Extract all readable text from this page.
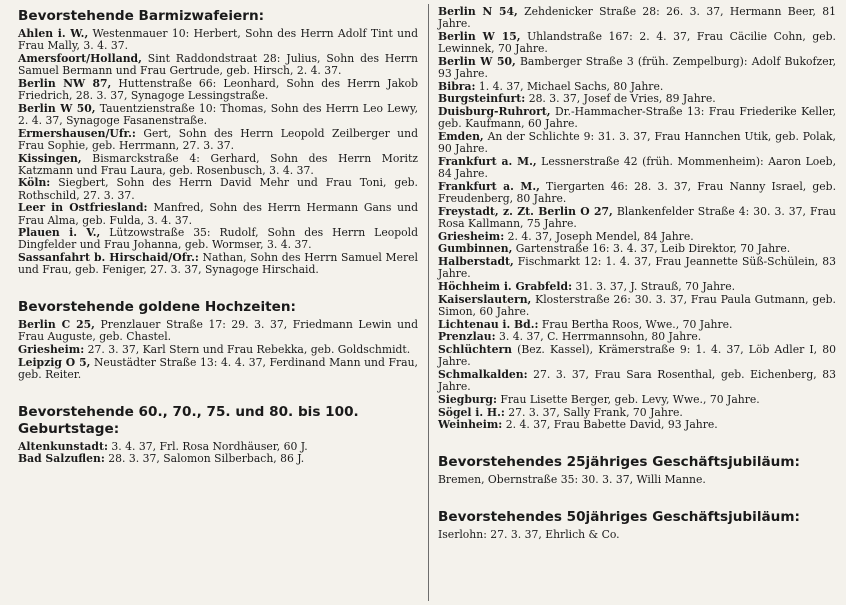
Bevorstehende Barmizwafeiern:

Ahlen i. W., Westenmauer 10: Herbert, Sohn des Herrn Adolf Tint und Frau Mally, 3. 4. 37.

Amersfoort/Holland, Sint Raddondstraat 28: Julius, Sohn des Herrn Samuel Bermann und Frau Gertrude, geb. Hirsch, 2. 4. 37.

Berlin NW 87, Huttenstraße 66: Leonhard, Sohn des Herrn Jakob Friedrich, 28. 3. 37, Synagoge Lessingstraße.

Berlin W 50, Tauentzienstraße 10: Thomas, Sohn des Herrn Leo Lewy, 2. 4. 37, Synagoge Fasanenstraße.

Ermershausen/Ufr.: Gert, Sohn des Herrn Leopold Zeilberger und Frau Sophie, geb. Herrmann, 27. 3. 37.

Kissingen, Bismarckstraße 4: Gerhard, Sohn des Herrn Moritz Katzmann und Frau Laura, geb. Rosenbusch, 3. 4. 37.

Köln: Siegbert, Sohn des Herrn David Mehr und Frau Toni, geb. Rothschild, 27. 3. 37.

Leer in Ostfriesland: Manfred, Sohn des Herrn Hermann Gans und Frau Alma, geb. Fulda, 3. 4. 37.

Plauen i. V., Lützowstraße 35: Rudolf, Sohn des Herrn Leopold Dingfelder und Frau Johanna, geb. Wormser, 3. 4. 37.

Sassanfahrt b. Hirschaid/Ofr.: Nathan, Sohn des Herrn Samuel Merel und Frau, geb. Feniger, 27. 3. 37, Synagoge Hirschaid.

Bevorstehende goldene Hochzeiten:

Berlin C 25, Prenzlauer Straße 17: 29. 3. 37, Friedmann Lewin und Frau Auguste, geb. Chastel.

Griesheim: 27. 3. 37, Karl Stern und Frau Rebekka, geb. Goldschmidt.

Leipzig O 5, Neustädter Straße 13: 4. 4. 37, Ferdinand Mann und Frau, geb. Reiter.

Bevorstehende 60., 70., 75. und 80. bis 100.
Geburtstage:

Altenkunstadt: 3. 4. 37, Frl. Rosa Nordhäuser, 60 J.

Bad Salzuflen: 28. 3. 37, Salomon Silberbach, 86 J.

Berlin N 54, Zehdenicker Straße 28: 26. 3. 37, Hermann Beer, 81 Jahre.

Berlin W 15, Uhlandstraße 167: 2. 4. 37, Frau Cäcilie Cohn, geb. Lewinnek, 70 Jahre.

Berlin W 50, Bamberger Straße 3 (früh. Zempelburg): Adolf Bukofzer, 93 Jahre.

Bibra: 1. 4. 37, Michael Sachs, 80 Jahre.

Burgsteinfurt: 28. 3. 37, Josef de Vries, 89 Jahre.

Duisburg-Ruhrort, Dr.-Hammacher-Straße 13: Frau Friederike Keller, geb. Kaufmann, 60 Jahre.

Emden, An der Schlichte 9: 31. 3. 37, Frau Hannchen Utik, geb. Polak, 90 Jahre.

Frankfurt a. M., Lessnerstraße 42 (früh. Mommenheim): Aaron Loeb, 84 Jahre.

Frankfurt a. M., Tiergarten 46: 28. 3. 37, Frau Nanny Israel, geb. Freudenberg, 80 Jahre.

Freystadt, z. Zt. Berlin O 27, Blankenfelder Straße 4: 30. 3. 37, Frau Rosa Kallmann, 75 Jahre.

Griesheim: 2. 4. 37, Joseph Mendel, 84 Jahre.

Gumbinnen, Gartenstraße 16: 3. 4. 37, Leib Direktor, 70 Jahre.

Halberstadt, Fischmarkt 12: 1. 4. 37, Frau Jeannette Süß-Schülein, 83 Jahre.

Höchheim i. Grabfeld: 31. 3. 37, J. Strauß, 70 Jahre.

Kaiserslautern, Klosterstraße 26: 30. 3. 37, Frau Paula Gutmann, geb. Simon, 60 Jahre.

Lichtenau i. Bd.: Frau Bertha Roos, Wwe., 70 Jahre.

Prenzlau: 3. 4. 37, C. Herrmannsohn, 80 Jahre.

Schlüchtern (Bez. Kassel), Krämerstraße 9: 1. 4. 37, Löb Adler I, 80 Jahre.

Schmalkalden: 27. 3. 37, Frau Sara Rosenthal, geb. Eichenberg, 83 Jahre.

Siegburg: Frau Lisette Berger, geb. Levy, Wwe., 70 Jahre.

Sögel i. H.: 27. 3. 37, Sally Frank, 70 Jahre.

Weinheim: 2. 4. 37, Frau Babette David, 93 Jahre.

Bevorstehendes 25jähriges Geschäftsjubiläum:

Bremen, Obernstraße 35: 30. 3. 37, Willi Manne.

Bevorstehendes 50jähriges Geschäftsjubiläum:

Iserlohn: 27. 3. 37, Ehrlich & Co.
